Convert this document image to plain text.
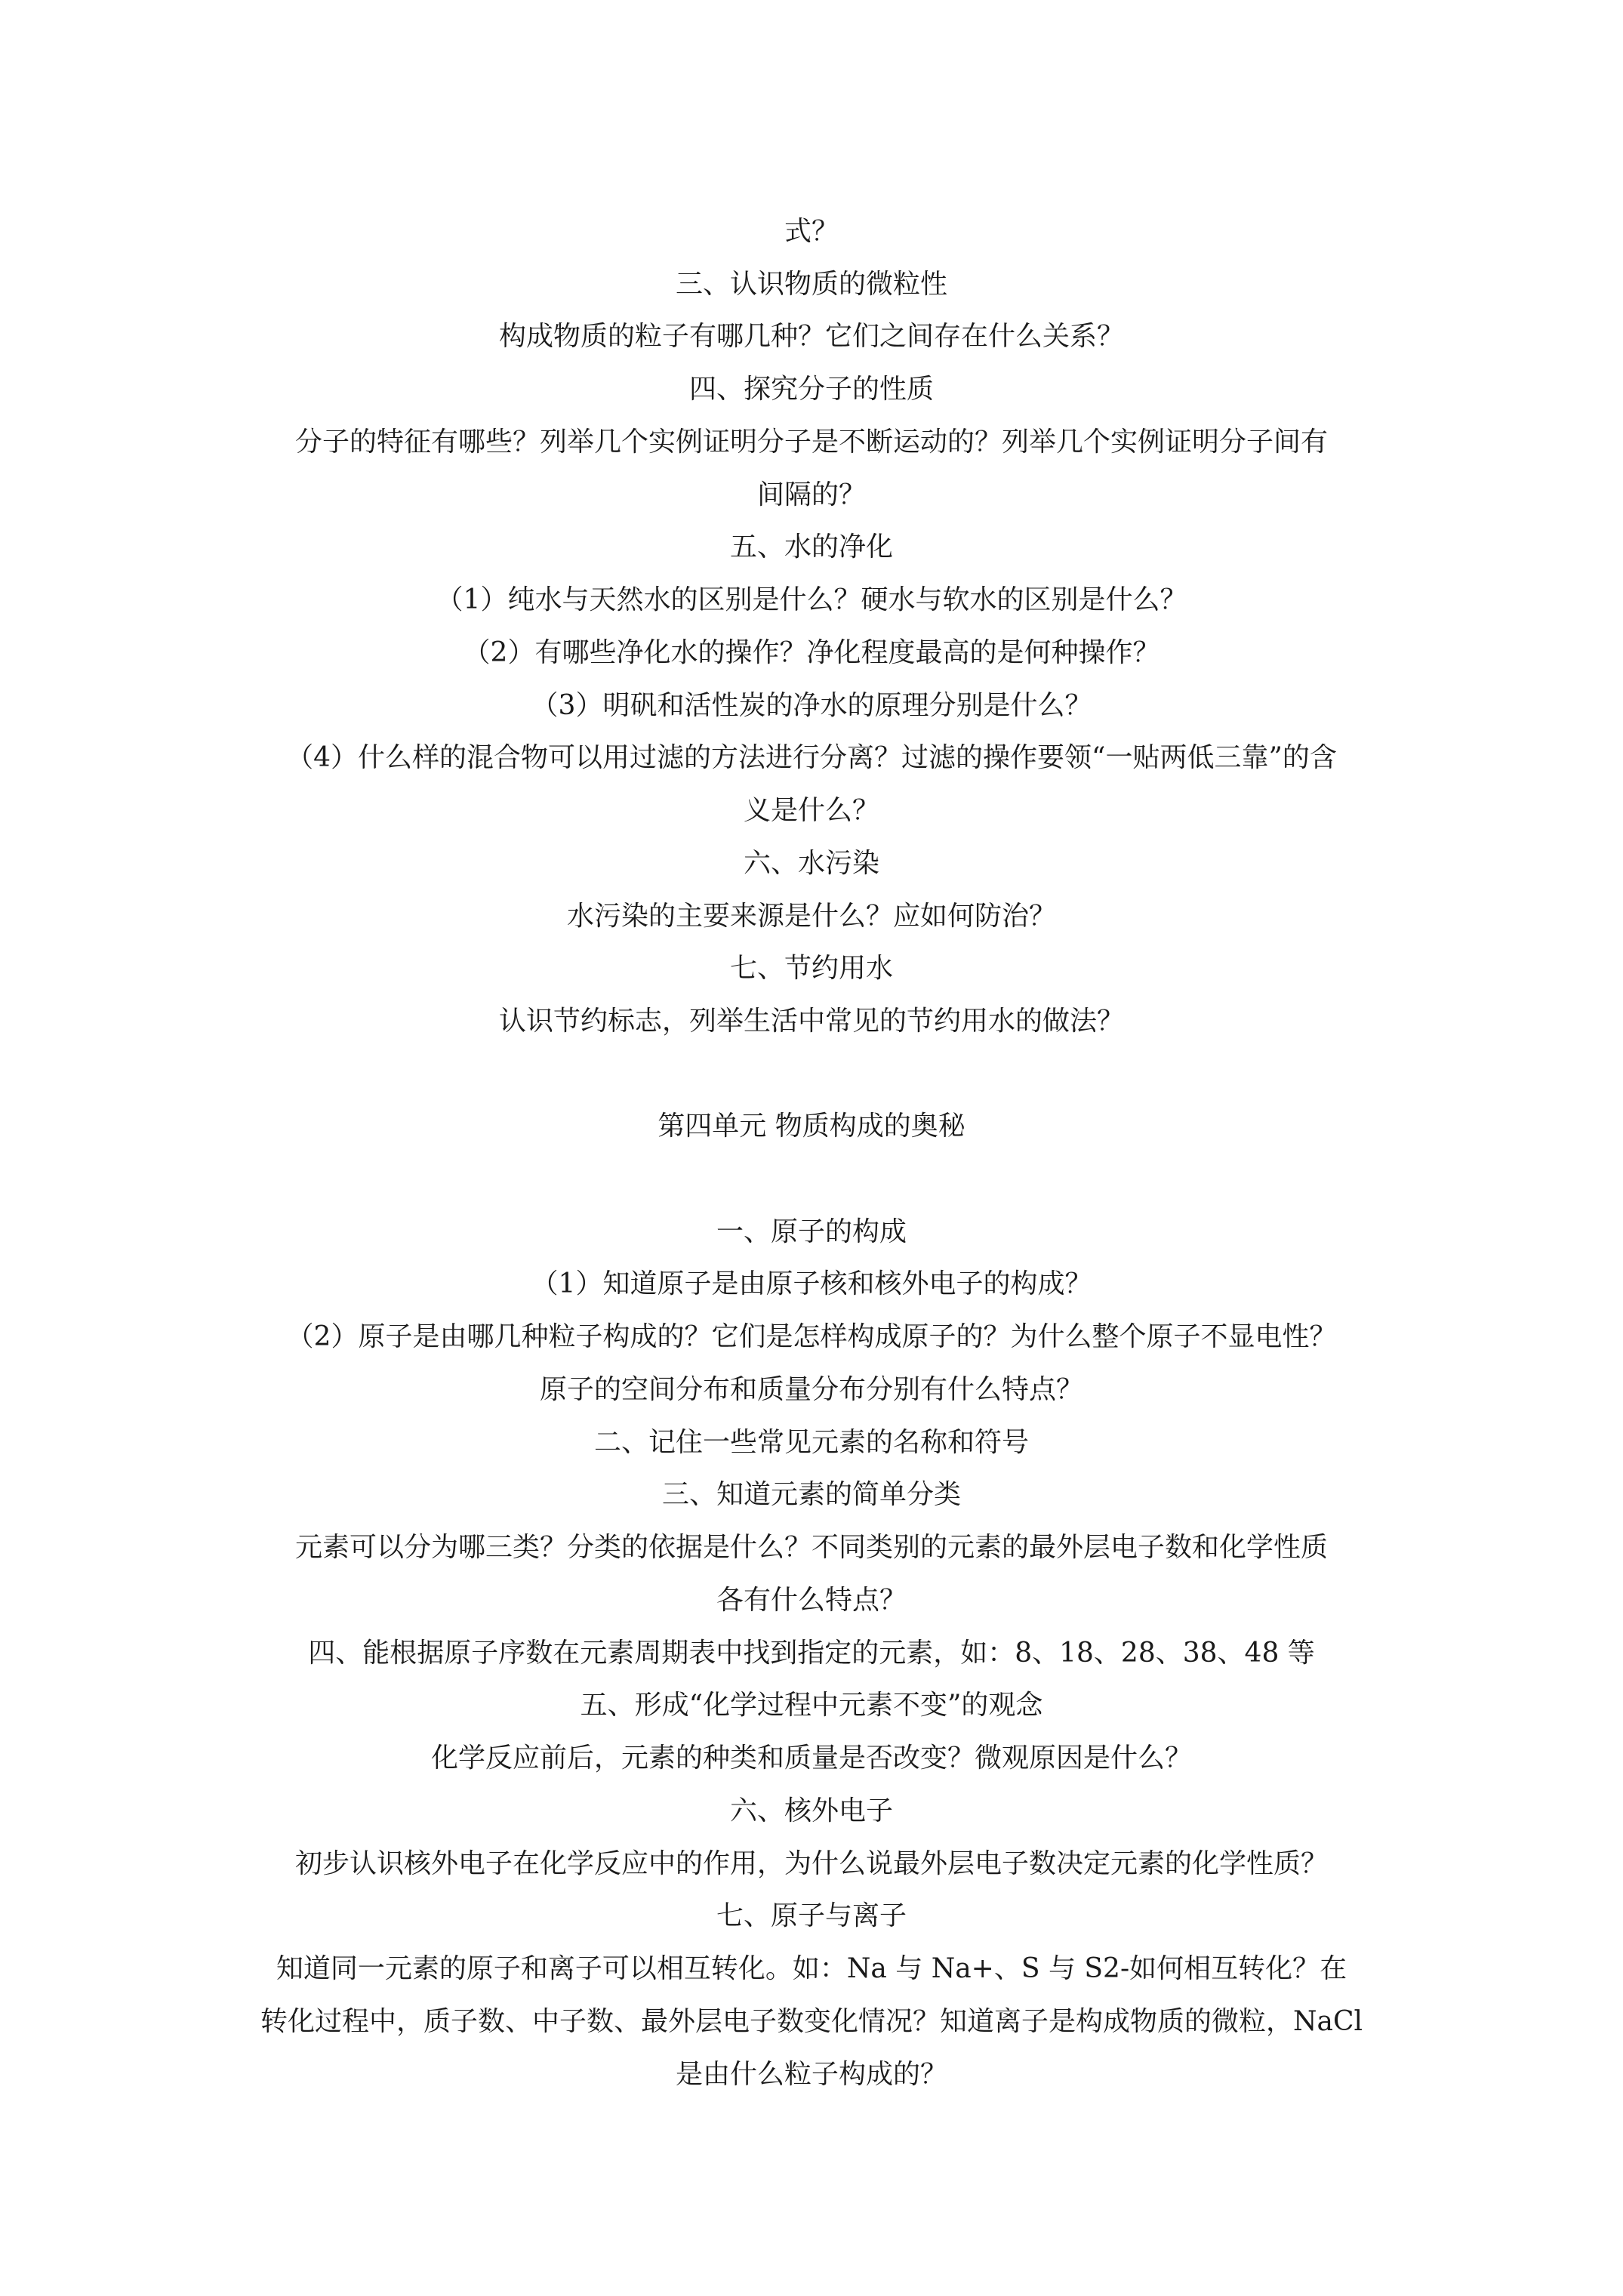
式？

三、认识物质的微粒性

构成物质的粒子有哪几种？它们之间存在什么关系？

四、探究分子的性质

分子的特征有哪些？列举几个实例证明分子是不断运动的？列举几个实例证明分子间有

间隔的？

五、水的净化

（1）纯水与天然水的区别是什么？硬水与软水的区别是什么？

（2）有哪些净化水的操作？净化程度最高的是何种操作？

（3）明矾和活性炭的净水的原理分别是什么？

（4）什么样的混合物可以用过滤的方法进行分离？过滤的操作要领“一贴两低三靠”的含

义是什么？

六、水污染

水污染的主要来源是什么？应如何防治？

七、节约用水

认识节约标志，列举生活中常见的节约用水的做法？

第四单元 物质构成的奥秘

一、原子的构成

（1）知道原子是由原子核和核外电子的构成？

（2）原子是由哪几种粒子构成的？它们是怎样构成原子的？为什么整个原子不显电性？

原子的空间分布和质量分布分别有什么特点？

二、记住一些常见元素的名称和符号

三、知道元素的简单分类

元素可以分为哪三类？分类的依据是什么？不同类别的元素的最外层电子数和化学性质

各有什么特点？

四、能根据原子序数在元素周期表中找到指定的元素，如：8、18、28、38、48 等

五、形成“化学过程中元素不变”的观念

化学反应前后，元素的种类和质量是否改变？微观原因是什么？

六、核外电子

初步认识核外电子在化学反应中的作用，为什么说最外层电子数决定元素的化学性质？

七、原子与离子

知道同一元素的原子和离子可以相互转化。如：Na 与 Na+、S 与 S2-如何相互转化？在

转化过程中，质子数、中子数、最外层电子数变化情况？知道离子是构成物质的微粒，NaCl

是由什么粒子构成的？
